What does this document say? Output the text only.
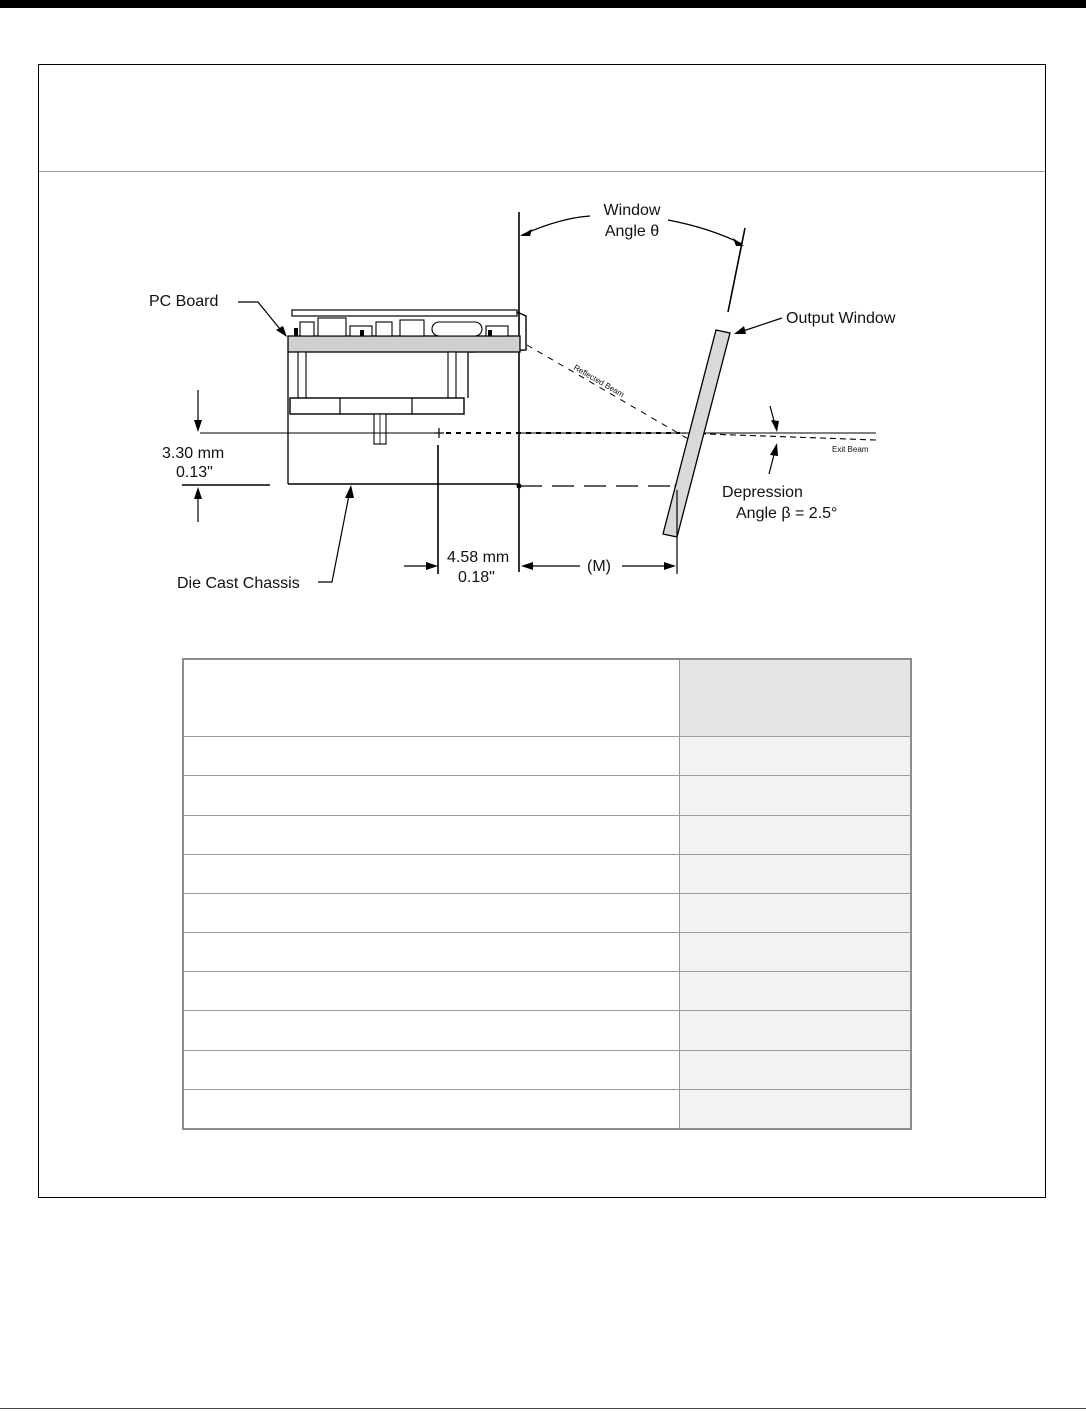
Window Angle θ
PC Board
Output Window
Reflected Beam
Exit Beam
3.30 mm 0.13"
Depression Angle β = 2.5°
Die Cast Chassis
4.58 mm 0.18"
(M)
